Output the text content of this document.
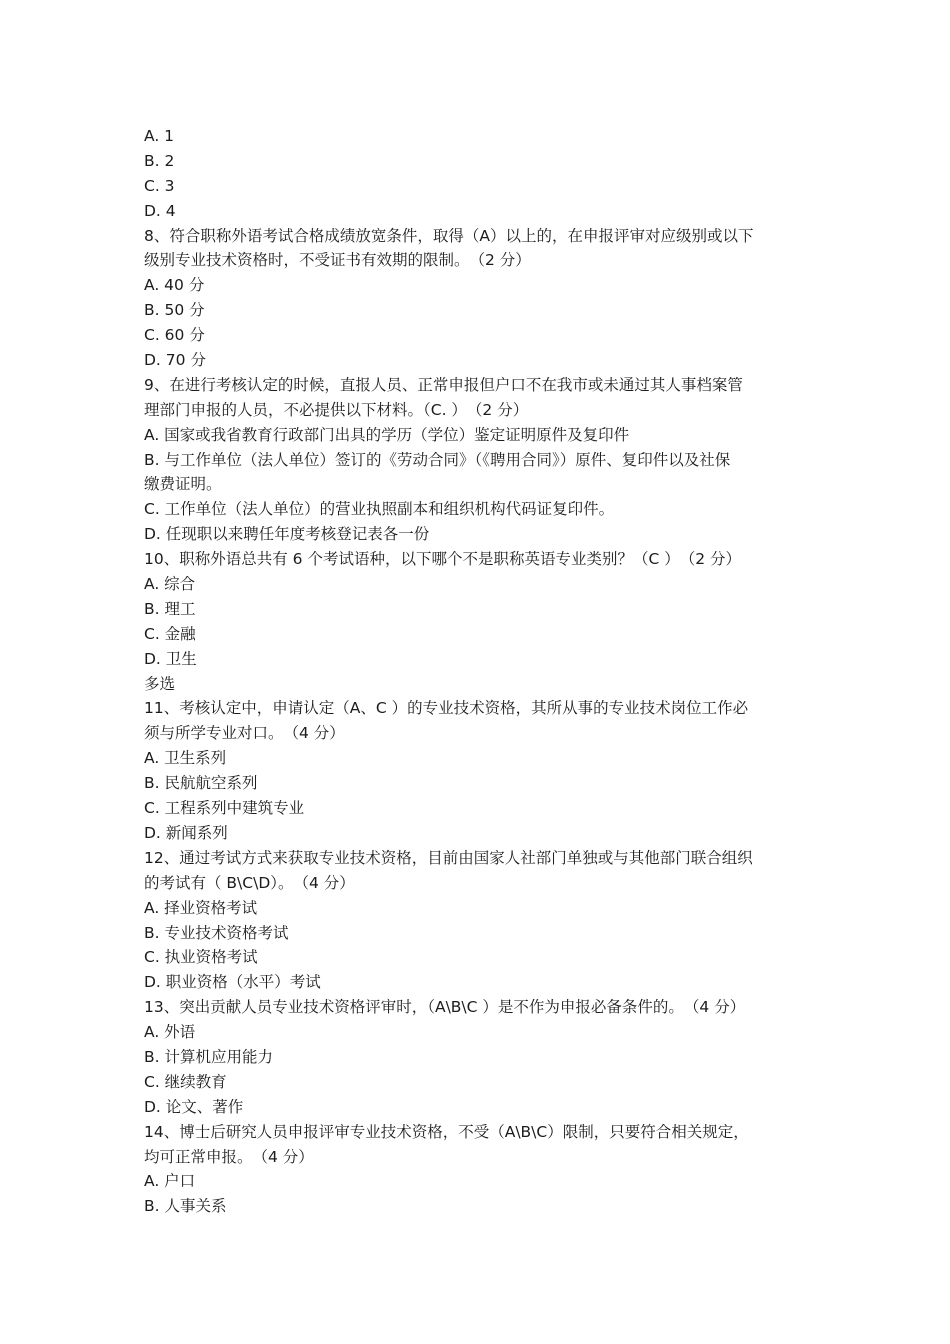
A. 1
B. 2
C. 3
D. 4
8、符合职称外语考试合格成绩放宽条件，取得（A）以上的，在申报评审对应级别或以下
级别专业技术资格时，不受证书有效期的限制。　（2 分）
A. 40 分
B. 50 分
C. 60 分
D. 70 分
9、在进行考核认定的时候，直报人员、正常申报但户口不在我市或未通过其人事档案管
理部门申报的人员，不必提供以下材料。（C. ）　（2 分）
A. 国家或我省教育行政部门出具的学历（学位）鉴定证明原件及复印件
B. 与工作单位（法人单位）签订的《劳动合同》（《聘用合同》）原件、复印件以及社保
缴费证明。
C. 工作单位（法人单位）的营业执照副本和组织机构代码证复印件。
D. 任现职以来聘任年度考核登记表各一份
10、职称外语总共有 6 个考试语种，以下哪个不是职称英语专业类别？（C ）　（2 分）
A. 综合
B. 理工
C. 金融
D. 卫生
多选
11、考核认定中，申请认定（A、C ）的专业技术资格，其所从事的专业技术岗位工作必
须与所学专业对口。　（4 分）
A. 卫生系列
B. 民航航空系列
C. 工程系列中建筑专业
D. 新闻系列
12、通过考试方式来获取专业技术资格，目前由国家人社部门单独或与其他部门联合组织
的考试有（ B\C\D）。　（4 分）
A. 择业资格考试
B. 专业技术资格考试
C. 执业资格考试
D. 职业资格（水平）考试
13、突出贡献人员专业技术资格评审时，（A\B\C ）是不作为申报必备条件的。　（4 分）
A. 外语
B. 计算机应用能力
C. 继续教育
D. 论文、著作
14、博士后研究人员申报评审专业技术资格，不受（A\B\C）限制，只要符合相关规定，
均可正常申报。　（4 分）
A. 户口
B. 人事关系
